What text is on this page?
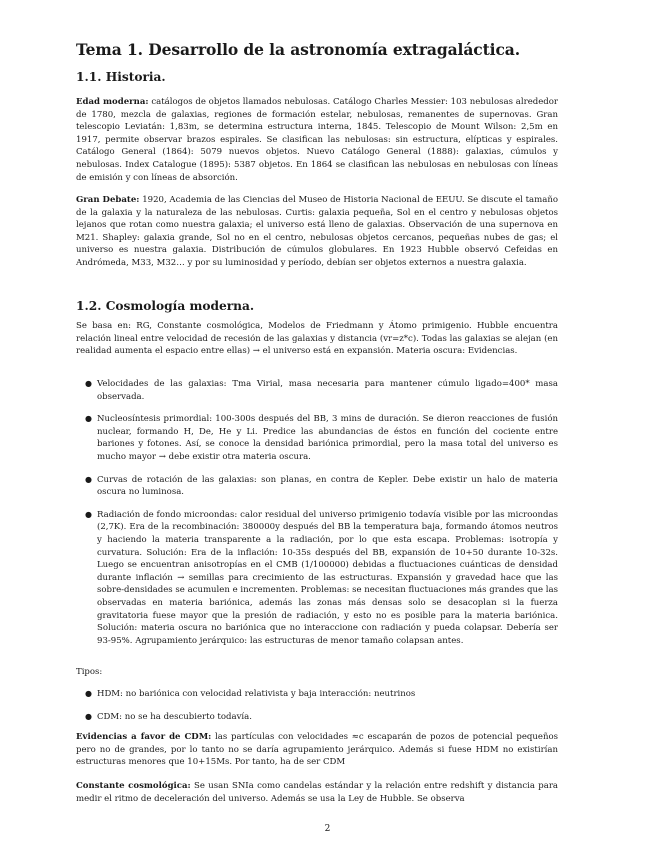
Tema 1. Desarrollo de la astronomía extragaláctica.
1.1. Historia.

Edad moderna: catálogos de objetos llamados nebulosas. Catálogo Charles Messier: 103 nebulosas alrededor de 1780, mezcla de galaxias, regiones de formación estelar, nebulosas, remanentes de supernovas. Gran telescopio Leviatán: 1,83m, se determina estructura interna, 1845. Telescopio de Mount Wilson: 2,5m en 1917, permite observar brazos espirales. Se clasifican las nebulosas: sin estructura, elípticas y espirales. Catálogo General (1864): 5079 nuevos objetos. Nuevo Catálogo General (1888): galaxias, cúmulos y nebulosas. Index Catalogue (1895): 5387 objetos. En 1864 se clasifican las nebulosas en nebulosas con líneas de emisión y con líneas de absorción.

Gran Debate: 1920, Academia de las Ciencias del Museo de Historia Nacional de EEUU. Se discute el tamaño de la galaxia y la naturaleza de las nebulosas. Curtis: galaxia pequeña, Sol en el centro y nebulosas objetos lejanos que rotan como nuestra galaxia; el universo está lleno de galaxias. Observación de una supernova en M21. Shapley: galaxia grande, Sol no en el centro, nebulosas objetos cercanos, pequeñas nubes de gas; el universo es nuestra galaxia. Distribución de cúmulos globulares. En 1923 Hubble observó Cefeidas en Andrómeda, M33, M32… y por su luminosidad y período, debían ser objetos externos a nuestra galaxia.

1.2. Cosmología moderna.

Se basa en: RG, Constante cosmológica, Modelos de Friedmann y Átomo primigenio. Hubble encuentra relación lineal entre velocidad de recesión de las galaxias y distancia (vr=z*c). Todas las galaxias se alejan (en realidad aumenta el espacio entre ellas) → el universo está en expansión. Materia oscura: Evidencias.

● Velocidades de las galaxias: Tma Virial, masa necesaria para mantener cúmulo ligado=400* masa observada.
● Nucleosíntesis primordial: 100-300s después del BB, 3 mins de duración. Se dieron reacciones de fusión nuclear, formando H, De, He y Li. Predice las abundancias de éstos en función del cociente entre bariones y fotones. Así, se conoce la densidad bariónica primordial, pero la masa total del universo es mucho mayor → debe existir otra materia oscura.
● Curvas de rotación de las galaxias: son planas, en contra de Kepler. Debe existir un halo de materia oscura no luminosa.
● Radiación de fondo microondas: calor residual del universo primigenio todavía visible por las microondas (2,7K). Era de la recombinación: 380000y después del BB la temperatura baja, formando átomos neutros y haciendo la materia transparente a la radiación, por lo que esta escapa. Problemas: isotropía y curvatura. Solución: Era de la inflación: 10-35s después del BB, expansión de 10+50 durante 10-32s. Luego se encuentran anisotropías en el CMB (1/100000) debidas a fluctuaciones cuánticas de densidad durante inflación → semillas para crecimiento de las estructuras. Expansión y gravedad hace que las sobre-densidades se acumulen e incrementen. Problemas: se necesitan fluctuaciones más grandes que las observadas en materia bariónica, además las zonas más densas solo se desacoplan si la fuerza gravitatoria fuese mayor que la presión de radiación, y esto no es posible para la materia bariónica. Solución: materia oscura no bariónica que no interaccione con radiación y pueda colapsar. Debería ser 93-95%. Agrupamiento jerárquico: las estructuras de menor tamaño colapsan antes.

Tipos:

● HDM: no bariónica con velocidad relativista y baja interacción: neutrinos
● CDM: no se ha descubierto todavía.

Evidencias a favor de CDM: las partículas con velocidades ≈c escaparán de pozos de potencial pequeños pero no de grandes, por lo tanto no se daría agrupamiento jerárquico. Además si fuese HDM no existirían estructuras menores que 10+15Ms. Por tanto, ha de ser CDM

Constante cosmológica: Se usan SNIa como candelas estándar y la relación entre redshift y distancia para medir el ritmo de deceleración del universo. Además se usa la Ley de Hubble. Se observa

2
